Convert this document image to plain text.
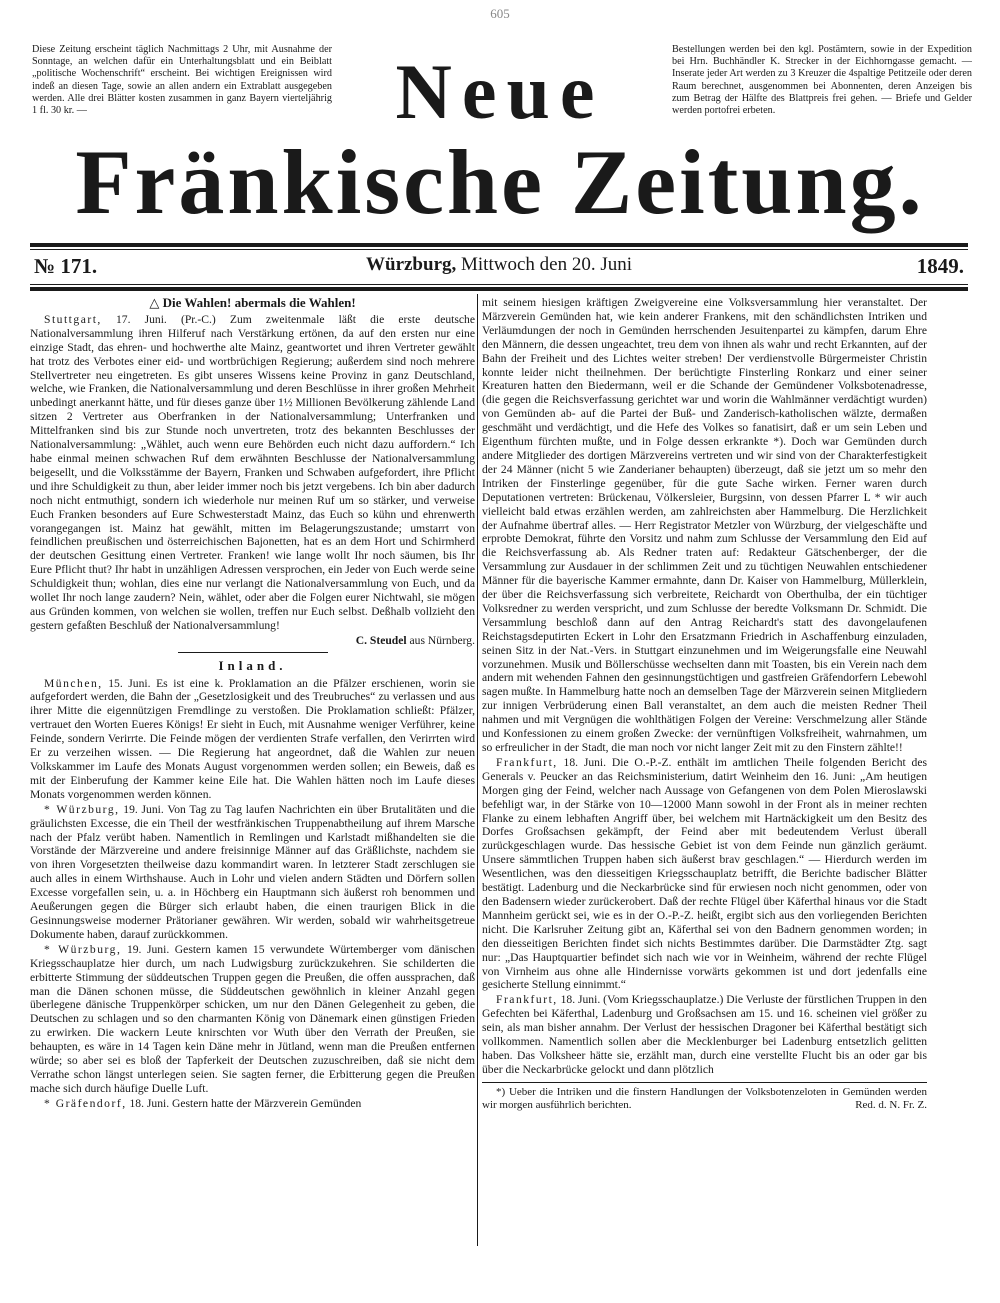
605
Diese Zeitung erscheint täglich Nachmittags 2 Uhr, mit Ausnahme der Sonntage, an welchen dafür ein Unterhaltungsblatt und ein Beiblatt „politische Wochenschrift“ erscheint. Bei wichtigen Ereignissen wird indeß an diesen Tage, sowie an allen andern ein Extrablatt ausgegeben werden. Alle drei Blätter kosten zusammen in ganz Bayern vierteljährig 1 fl. 30 kr. —
Bestellungen werden bei den kgl. Postämtern, sowie in der Expedition bei Hrn. Buchhändler K. Strecker in der Eichhorngasse gemacht. — Inserate jeder Art werden zu 3 Kreuzer die 4spaltige Petitzeile oder deren Raum berechnet, ausgenommen bei Abonnenten, deren Anzeigen bis zum Betrag der Hälfte des Blattpreis frei gehen. — Briefe und Gelder werden portofrei erbeten.
Neue
Fränkische Zeitung.
№ 171.	Würzburg, Mittwoch den 20. Juni	1849.
△ Die Wahlen! abermals die Wahlen!

Stuttgart, 17. Juni. (Pr.-C.) Zum zweitenmale läßt die erste deutsche Nationalversammlung ihren Hilferuf nach Verstärkung ertönen, da auf den ersten nur eine einzige Stadt, das ehren- und hochwerthe alte Mainz, geantwortet und ihren Vertreter gewählt hat trotz des Verbotes einer eid- und wortbrüchigen Regierung; außerdem sind noch mehrere Stellvertreter neu eingetreten. Es gibt unseres Wissens keine Provinz in ganz Deutschland, welche, wie Franken, die Nationalversammlung und deren Beschlüsse in ihrer großen Mehrheit unbedingt anerkannt hätte, und für dieses ganze über 1½ Millionen Bevölkerung zählende Land sitzen 2 Vertreter aus Oberfranken in der Nationalversammlung; Unterfranken und Mittelfranken sind bis zur Stunde noch unvertreten, trotz des bekannten Beschlusses der Nationalversammlung: „Wählet, auch wenn eure Behörden euch nicht dazu auffordern.“ Ich habe einmal meinen schwachen Ruf dem erwähnten Beschlusse der Nationalversammlung beigesellt, und die Volksstämme der Bayern, Franken und Schwaben aufgefordert, ihre Pflicht und ihre Schuldigkeit zu thun, aber leider immer noch bis jetzt vergebens. Ich bin aber dadurch noch nicht entmuthigt, sondern ich wiederhole nur meinen Ruf um so stärker, und verweise Euch Franken besonders auf Eure Schwesterstadt Mainz, das Euch so kühn und ehrenwerth vorangegangen ist. Mainz hat gewählt, mitten im Belagerungszustande; umstarrt von feindlichen preußischen und österreichischen Bajonetten, hat es an dem Hort und Schirmherd der deutschen Gesittung einen Vertreter. Franken! wie lange wollt Ihr noch säumen, bis Ihr Eure Pflicht thut? Ihr habt in unzähligen Adressen versprochen, ein Jeder von Euch werde seine Schuldigkeit thun; wohlan, dies eine nur verlangt die Nationalversammlung von Euch, und da wollet Ihr noch lange zaudern? Nein, wählet, oder aber die Folgen eurer Nichtwahl, sie mögen aus Gründen kommen, von welchen sie wollen, treffen nur Euch selbst. Deßhalb vollzieht den gestern gefaßten Beschluß der Nationalversammlung!

C. Steudel aus Nürnberg.
Inland.

München, 15. Juni. Es ist eine k. Proklamation an die Pfälzer erschienen, worin sie aufgefordert werden, die Bahn der „Gesetzlosigkeit und des Treubruches“ zu verlassen und aus ihrer Mitte die eigennützigen Fremdlinge zu verstoßen. Die Proklamation schließt: Pfälzer, vertrauet den Worten Eueres Königs! Er sieht in Euch, mit Ausnahme weniger Verführer, keine Feinde, sondern Verirrte. Die Feinde mögen der verdienten Strafe verfallen, den Verirrten wird Er zu verzeihen wissen. — Die Regierung hat angeordnet, daß die Wahlen zur neuen Volkskammer im Laufe des Monats August vorgenommen werden sollen; ein Beweis, daß es mit der Einberufung der Kammer keine Eile hat. Die Wahlen hätten noch im Laufe dieses Monats vorgenommen werden können.

* Würzburg, 19. Juni. Von Tag zu Tag laufen Nachrichten ein über Brutalitäten und die gräulichsten Excesse, die ein Theil der westfränkischen Truppenabtheilung auf ihrem Marsche nach der Pfalz verübt haben. Namentlich in Remlingen und Karlstadt mißhandelten sie die Vorstände der Märzvereine und andere freisinnige Männer auf das Gräßlichste, nachdem sie von ihren Vorgesetzten theilweise dazu kommandirt waren. In letzterer Stadt zerschlugen sie auch alles in einem Wirthshause. Auch in Lohr und vielen andern Städten und Dörfern sollen Excesse vorgefallen sein, u. a. in Höchberg ein Hauptmann sich äußerst roh benommen und Aeußerungen gegen die Bürger sich erlaubt haben, die einen traurigen Blick in die Gesinnungsweise moderner Prätorianer gewähren. Wir werden, sobald wir wahrheitsgetreue Dokumente haben, darauf zurückkommen.

* Würzburg, 19. Juni. Gestern kamen 15 verwundete Würtemberger vom dänischen Kriegsschauplatze hier durch, um nach Ludwigsburg zurückzukehren. Sie schilderten die erbitterte Stimmung der süddeutschen Truppen gegen die Preußen, die offen aussprachen, daß man die Dänen schonen müsse, die Süddeutschen gewöhnlich in kleiner Anzahl gegen überlegene dänische Truppenkörper schicken, um nur den Dänen Gelegenheit zu geben, die Deutschen zu schlagen und so den charmanten König von Dänemark einen günstigen Frieden zu erwirken. Die wackern Leute knirschten vor Wuth über den Verrath der Preußen, sie behaupten, es wäre in 14 Tagen kein Däne mehr in Jütland, wenn man die Preußen entfernen würde; so aber sei es bloß der Tapferkeit der Deutschen zuzuschreiben, daß sie nicht dem Verrathe schon längst unterlegen seien. Sie sagten ferner, die Erbitterung gegen die Preußen mache sich durch häufige Duelle Luft.

* Gräfendorf, 18. Juni. Gestern hatte der Märzverein Gemünden

mit seinem hiesigen kräftigen Zweigvereine eine Volksversammlung hier veranstaltet. Der Märzverein Gemünden hat, wie kein anderer Frankens, mit den schändlichsten Intriken und Verläumdungen der noch in Gemünden herrschenden Jesuitenpartei zu kämpfen, darum Ehre den Männern, die dessen ungeachtet, treu dem von ihnen als wahr und recht Erkannten, auf der Bahn der Freiheit und des Lichtes weiter streben! Der verdienstvolle Bürgermeister Christin konnte leider nicht theilnehmen. Der berüchtigte Finsterling Ronkarz und einer seiner Kreaturen hatten den Biedermann, weil er die Schande der Gemündener Volksbotenadresse, (die gegen die Reichsverfassung gerichtet war und worin die Wahlmänner verdächtigt wurden) von Gemünden ab- auf die Partei der Buß- und Zanderisch-katholischen wälzte, dermaßen geschmäht und verdächtigt, und die Hefe des Volkes so fanatisirt, daß er um sein Leben und Eigenthum fürchten mußte, und in Folge dessen erkrankte *). Doch war Gemünden durch andere Mitglieder des dortigen Märzvereins vertreten und wir sind von der Charakterfestigkeit der 24 Männer (nicht 5 wie Zanderianer behaupten) überzeugt, daß sie jetzt um so mehr den Intriken der Finsterlinge gegenüber, für die gute Sache wirken. Ferner waren durch Deputationen vertreten: Brückenau, Völkersleier, Burgsinn, von dessen Pfarrer L * wir auch vielleicht bald etwas erzählen werden, am zahlreichsten aber Hammelburg. Die Herzlichkeit der Aufnahme übertraf alles. — Herr Registrator Metzler von Würzburg, der vielgeschäfte und erprobte Demokrat, führte den Vorsitz und nahm zum Schlusse der Versammlung den Eid auf die Reichsverfassung ab. Als Redner traten auf: Redakteur Gätschenberger, der die Versammlung zur Ausdauer in der schlimmen Zeit und zu tüchtigen Neuwahlen entschiedener Männer für die bayerische Kammer ermahnte, dann Dr. Kaiser von Hammelburg, Müllerklein, der über die Reichsverfassung sich verbreitete, Reichardt von Oberthulba, der ein tüchtiger Volksredner zu werden verspricht, und zum Schlusse der beredte Volksmann Dr. Schmidt. Die Versammlung beschloß dann auf den Antrag Reichardt's statt des davongelaufenen Reichstagsdeputirten Eckert in Lohr den Ersatzmann Friedrich in Aschaffenburg einzuladen, seinen Sitz in der Nat.-Vers. in Stuttgart einzunehmen und im Weigerungsfalle eine Neuwahl vorzunehmen. Musik und Böllerschüsse wechselten dann mit Toasten, bis ein Verein nach dem andern mit wehenden Fahnen den gesinnungstüchtigen und gastfreien Gräfendorfern Lebewohl sagen mußte. In Hammelburg hatte noch an demselben Tage der Märzverein seinen Mitgliedern zur innigen Verbrüderung einen Ball veranstaltet, an dem auch die meisten Redner Theil nahmen und mit Vergnügen die wohlthätigen Folgen der Vereine: Verschmelzung aller Stände und Konfessionen zu einem großen Zwecke: der vernünftigen Volksfreiheit, wahrnahmen, um so erfreulicher in der Stadt, die man noch vor nicht langer Zeit mit zu den Finstern zählte!!

Frankfurt, 18. Juni. Die O.-P.-Z. enthält im amtlichen Theile folgenden Bericht des Generals v. Peucker an das Reichsministerium, datirt Weinheim den 16. Juni: „Am heutigen Morgen ging der Feind, welcher nach Aussage von Gefangenen von dem Polen Mieroslawski befehligt war, in der Stärke von 10—12000 Mann sowohl in der Front als in meiner rechten Flanke zu einem lebhaften Angriff über, bei welchem mit Hartnäckigkeit um den Besitz des Dorfes Großsachsen gekämpft, der Feind aber mit bedeutendem Verlust überall zurückgeschlagen wurde. Das hessische Gebiet ist von dem Feinde nun gänzlich geräumt. Unsere sämmtlichen Truppen haben sich äußerst brav geschlagen.“ — Hierdurch werden im Wesentlichen, was den diesseitigen Kriegsschauplatz betrifft, die Berichte badischer Blätter bestätigt. Ladenburg und die Neckarbrücke sind für erwiesen noch nicht genommen, oder von den Badensern wieder zurückerobert. Daß der rechte Flügel über Käferthal hinaus vor die Stadt Mannheim gerückt sei, wie es in der O.-P.-Z. heißt, ergibt sich aus den vorliegenden Berichten nicht. Die Karlsruher Zeitung gibt an, Käferthal sei von den Badnern genommen worden; in den diesseitigen Berichten findet sich nichts Bestimmtes darüber. Die Darmstädter Ztg. sagt nur: „Das Hauptquartier befindet sich nach wie vor in Weinheim, während der rechte Flügel von Virnheim aus ohne alle Hindernisse vorwärts gekommen ist und dort jedenfalls eine gesicherte Stellung einnimmt.“

Frankfurt, 18. Juni. (Vom Kriegsschauplatze.) Die Verluste der fürstlichen Truppen in den Gefechten bei Käferthal, Ladenburg und Großsachsen am 15. und 16. scheinen viel größer zu sein, als man bisher annahm. Der Verlust der hessischen Dragoner bei Käferthal bestätigt sich vollkommen. Namentlich sollen aber die Mecklenburger bei Ladenburg entsetzlich gelitten haben. Das Volksheer hätte sie, erzählt man, durch eine verstellte Flucht bis an oder gar bis über die Neckarbrücke gelockt und dann plötzlich

*) Ueber die Intriken und die finstern Handlungen der Volksbotenzeloten in Gemünden werden wir morgen ausführlich berichten.	Red. d. N. Fr. Z.
